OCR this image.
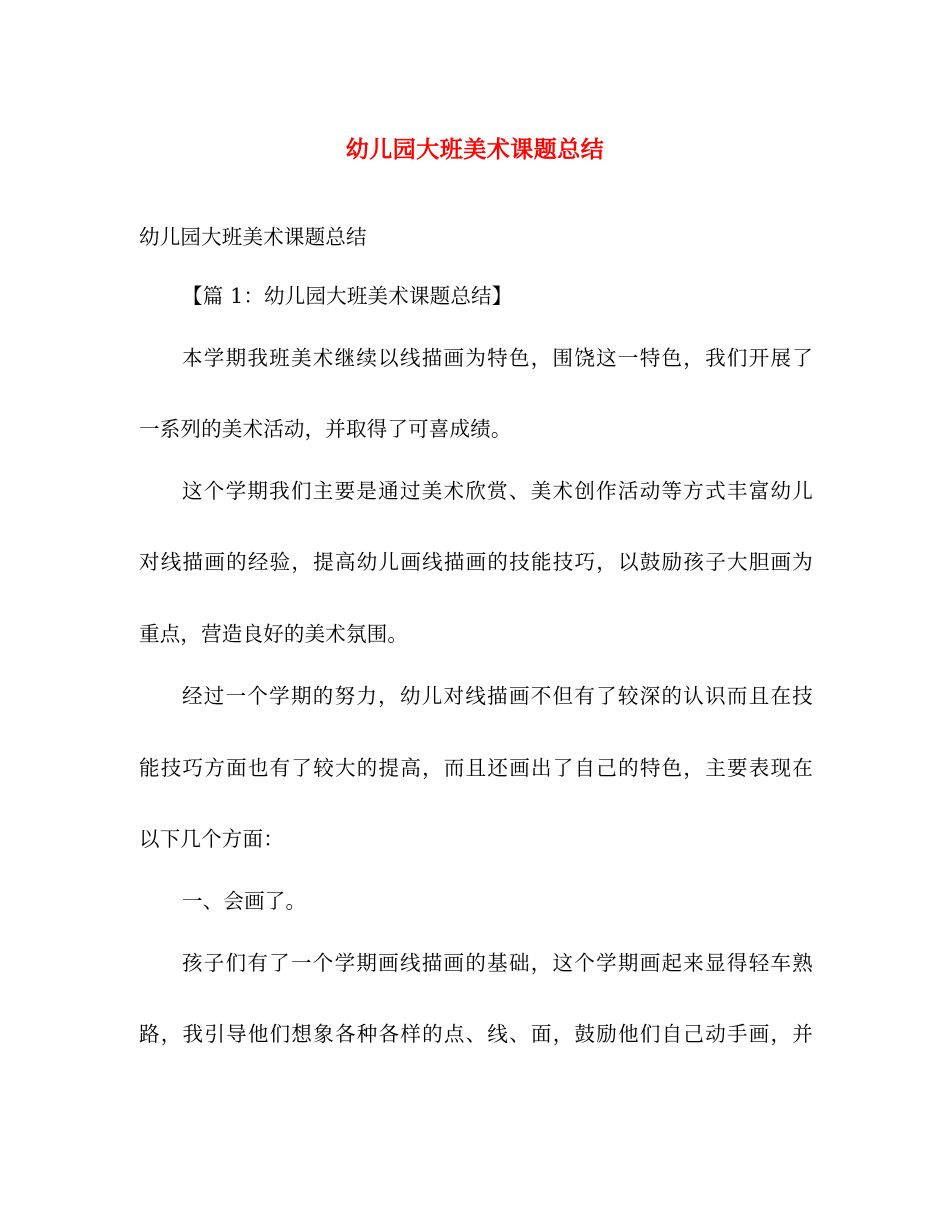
幼儿园大班美术课题总结
幼儿园大班美术课题总结
【篇 1：幼儿园大班美术课题总结】
本学期我班美术继续以线描画为特色，围饶这一特色，我们开展了
一系列的美术活动，并取得了可喜成绩。
这个学期我们主要是通过美术欣赏、美术创作活动等方式丰富幼儿
对线描画的经验，提高幼儿画线描画的技能技巧，以鼓励孩子大胆画为
重点，营造良好的美术氛围。
经过一个学期的努力，幼儿对线描画不但有了较深的认识而且在技
能技巧方面也有了较大的提高，而且还画出了自己的特色，主要表现在
以下几个方面：
一、会画了。
孩子们有了一个学期画线描画的基础，这个学期画起来显得轻车熟
路，我引导他们想象各种各样的点、线、面，鼓励他们自己动手画，并
